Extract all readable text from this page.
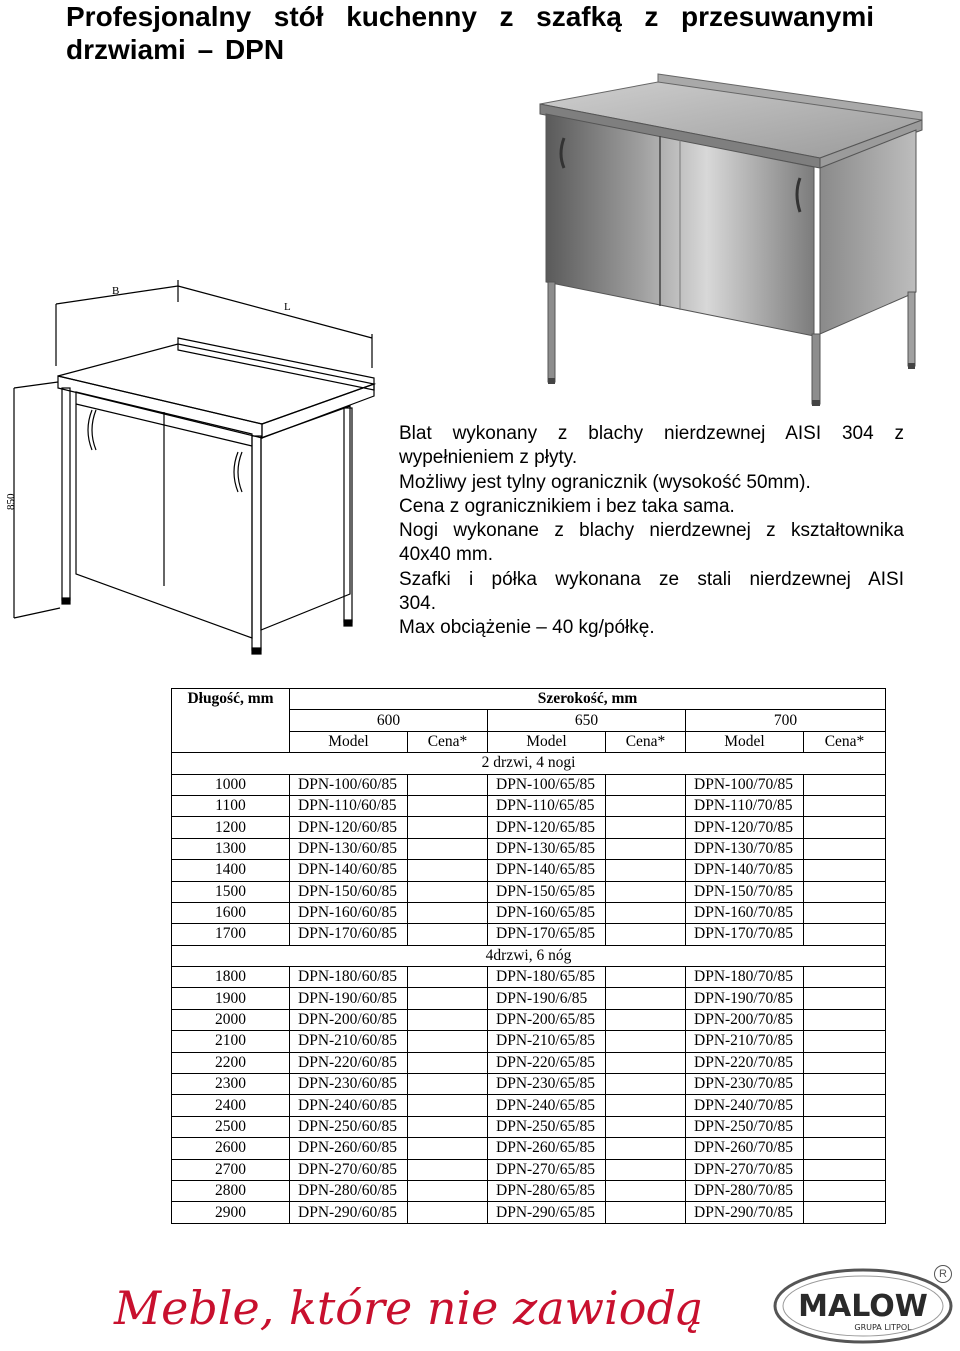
Profesjonalny stół kuchenny z szafką z przesuwanymi
drzwiami – DPN
B
L
850
Blat wykonany z blachy nierdzewnej AISI 304 z
wypełnieniem z płyty.
Możliwy jest tylny ogranicznik (wysokość 50mm).
Cena z ogranicznikiem i bez taka sama.
Nogi wykonane z blachy nierdzewnej z kształtownika
40x40 mm.
Szafki i półka wykonana ze stali nierdzewnej AISI
304.
Max obciążenie – 40 kg/półkę.
Długość, mm	Szerokość, mm					
	600		650		700	
	Model	Cena*	Model	Cena*	Model	Cena*
2 drzwi, 4 nogi						
1000	DPN-100/60/85		DPN-100/65/85		DPN-100/70/85	
1100	DPN-110/60/85		DPN-110/65/85		DPN-110/70/85	
1200	DPN-120/60/85		DPN-120/65/85		DPN-120/70/85	
1300	DPN-130/60/85		DPN-130/65/85		DPN-130/70/85	
1400	DPN-140/60/85		DPN-140/65/85		DPN-140/70/85	
1500	DPN-150/60/85		DPN-150/65/85		DPN-150/70/85	
1600	DPN-160/60/85		DPN-160/65/85		DPN-160/70/85	
1700	DPN-170/60/85		DPN-170/65/85		DPN-170/70/85	
4drzwi, 6 nóg						
1800	DPN-180/60/85		DPN-180/65/85		DPN-180/70/85	
1900	DPN-190/60/85		DPN-190/6/85		DPN-190/70/85	
2000	DPN-200/60/85		DPN-200/65/85		DPN-200/70/85	
2100	DPN-210/60/85		DPN-210/65/85		DPN-210/70/85	
2200	DPN-220/60/85		DPN-220/65/85		DPN-220/70/85	
2300	DPN-230/60/85		DPN-230/65/85		DPN-230/70/85	
2400	DPN-240/60/85		DPN-240/65/85		DPN-240/70/85	
2500	DPN-250/60/85		DPN-250/65/85		DPN-250/70/85	
2600	DPN-260/60/85		DPN-260/65/85		DPN-260/70/85	
2700	DPN-270/60/85		DPN-270/65/85		DPN-270/70/85	
2800	DPN-280/60/85		DPN-280/65/85		DPN-280/70/85	
2900	DPN-290/60/85		DPN-290/65/85		DPN-290/70/85	
Meble, które nie zawiodą	MALOW
GRUPA LITPOL
R
